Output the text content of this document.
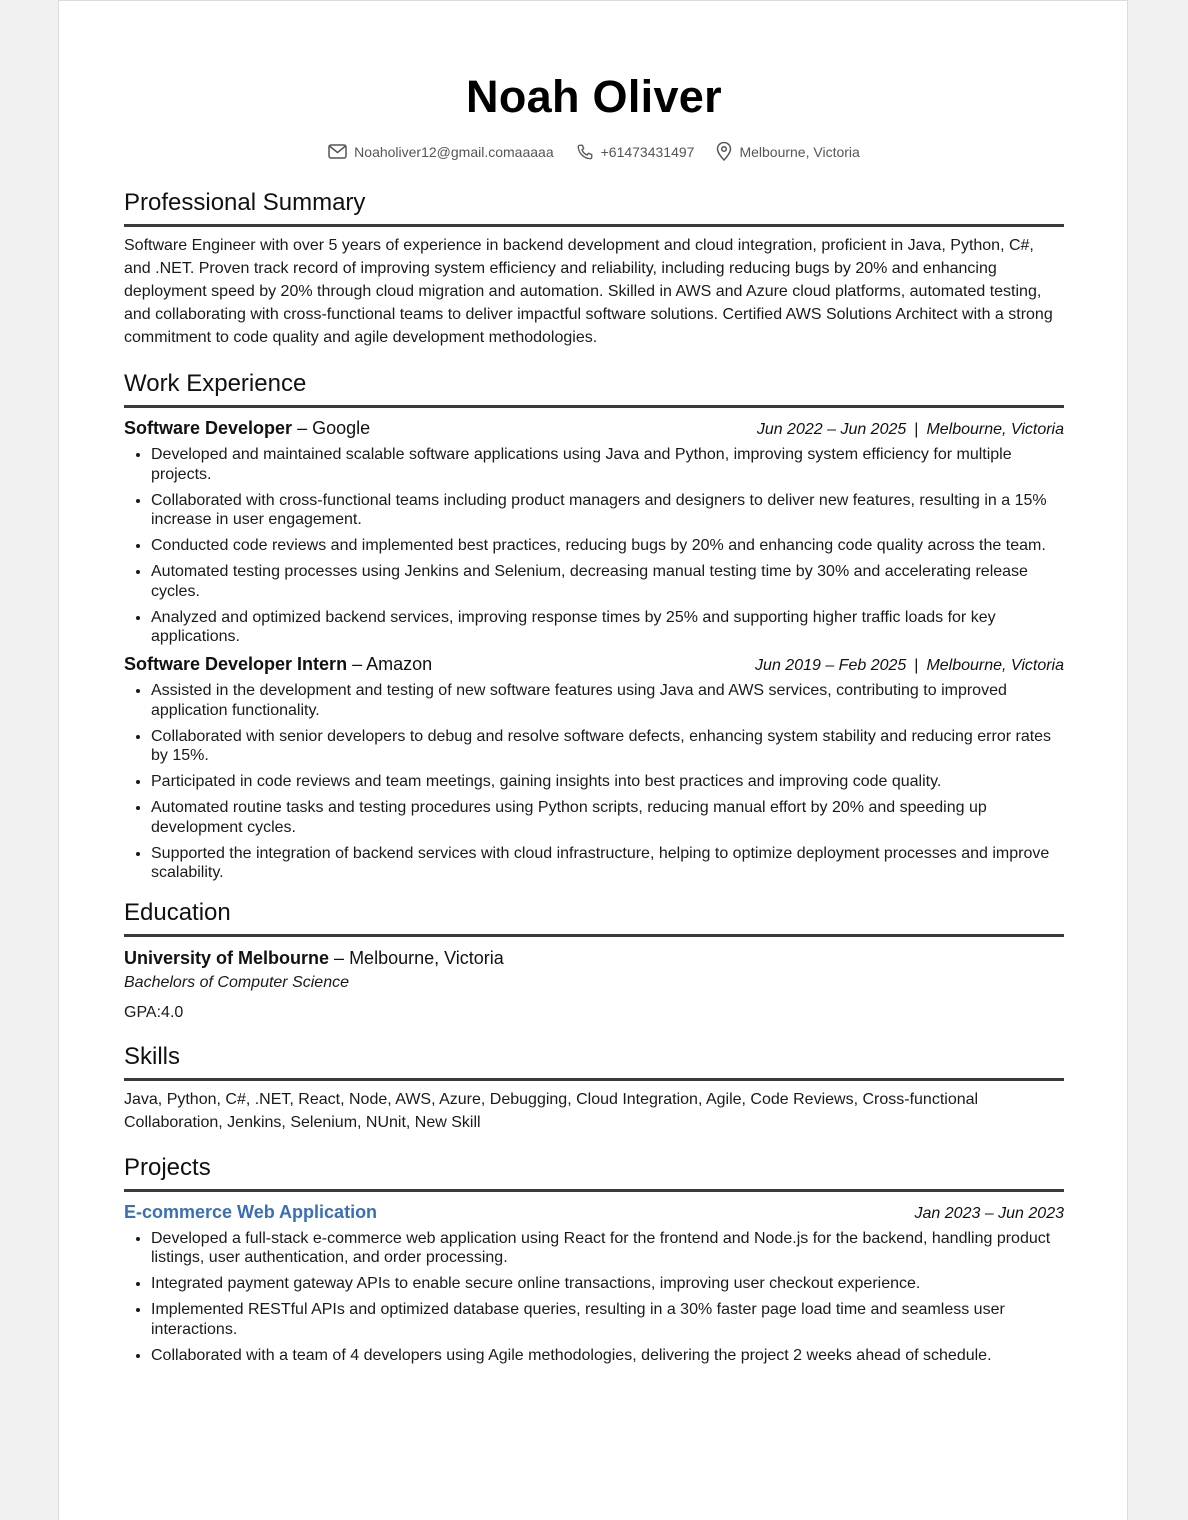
Noah Oliver
Noaholiver12@gmail.comaaaaa	+61473431497	Melbourne, Victoria
Professional Summary

Software Engineer with over 5 years of experience in backend development and cloud integration, proficient in Java, Python, C#, and .NET. Proven track record of improving system efficiency and reliability, including reducing bugs by 20% and enhancing deployment speed by 20% through cloud migration and automation. Skilled in AWS and Azure cloud platforms, automated testing, and collaborating with cross-functional teams to deliver impactful software solutions. Certified AWS Solutions Architect with a strong commitment to code quality and agile development methodologies.

Work Experience
Software Developer – Google	Jun 2022 – Jun 2025 | Melbourne, Victoria
• Developed and maintained scalable software applications using Java and Python, improving system efficiency for multiple projects.
• Collaborated with cross-functional teams including product managers and designers to deliver new features, resulting in a 15% increase in user engagement.
• Conducted code reviews and implemented best practices, reducing bugs by 20% and enhancing code quality across the team.
• Automated testing processes using Jenkins and Selenium, decreasing manual testing time by 30% and accelerating release cycles.
• Analyzed and optimized backend services, improving response times by 25% and supporting higher traffic loads for key applications.
Software Developer Intern – Amazon	Jun 2019 – Feb 2025 | Melbourne, Victoria
• Assisted in the development and testing of new software features using Java and AWS services, contributing to improved application functionality.
• Collaborated with senior developers to debug and resolve software defects, enhancing system stability and reducing error rates by 15%.
• Participated in code reviews and team meetings, gaining insights into best practices and improving code quality.
• Automated routine tasks and testing procedures using Python scripts, reducing manual effort by 20% and speeding up development cycles.
• Supported the integration of backend services with cloud infrastructure, helping to optimize deployment processes and improve scalability.
Education
University of Melbourne – Melbourne, Victoria
Bachelors of Computer Science
GPA:4.0
Skills

Java, Python, C#, .NET, React, Node, AWS, Azure, Debugging, Cloud Integration, Agile, Code Reviews, Cross-functional Collaboration, Jenkins, Selenium, NUnit, New Skill

Projects
E-commerce Web Application	Jan 2023 – Jun 2023
• Developed a full-stack e-commerce web application using React for the frontend and Node.js for the backend, handling product listings, user authentication, and order processing.
• Integrated payment gateway APIs to enable secure online transactions, improving user checkout experience.
• Implemented RESTful APIs and optimized database queries, resulting in a 30% faster page load time and seamless user interactions.
• Collaborated with a team of 4 developers using Agile methodologies, delivering the project 2 weeks ahead of schedule.
